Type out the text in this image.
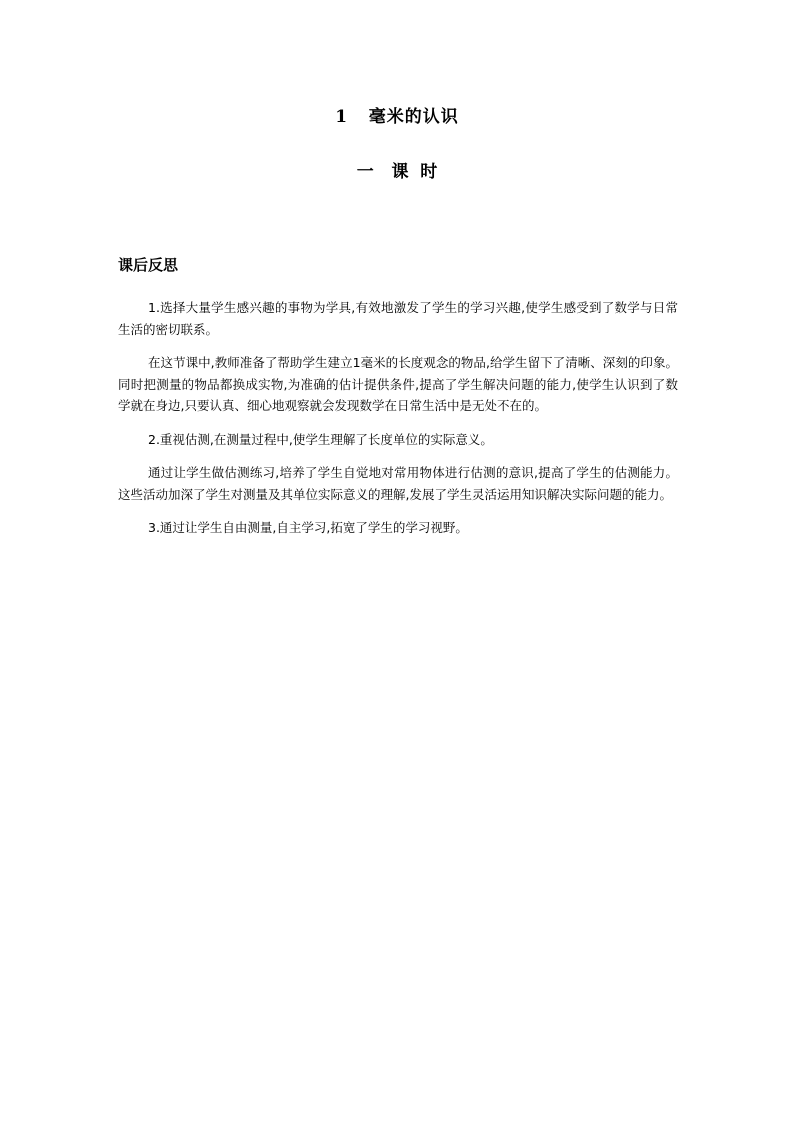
1   毫米的认识
一   课  时
课后反思

1.选择大量学生感兴趣的事物为学具,有效地激发了学生的学习兴趣,使学生感受到了数学与日常生活的密切联系。

在这节课中,教师准备了帮助学生建立1毫米的长度观念的物品,给学生留下了清晰、深刻的印象。同时把测量的物品都换成实物,为准确的估计提供条件,提高了学生解决问题的能力,使学生认识到了数学就在身边,只要认真、细心地观察就会发现数学在日常生活中是无处不在的。

2.重视估测,在测量过程中,使学生理解了长度单位的实际意义。

通过让学生做估测练习,培养了学生自觉地对常用物体进行估测的意识,提高了学生的估测能力。这些活动加深了学生对测量及其单位实际意义的理解,发展了学生灵活运用知识解决实际问题的能力。

3.通过让学生自由测量,自主学习,拓宽了学生的学习视野。
